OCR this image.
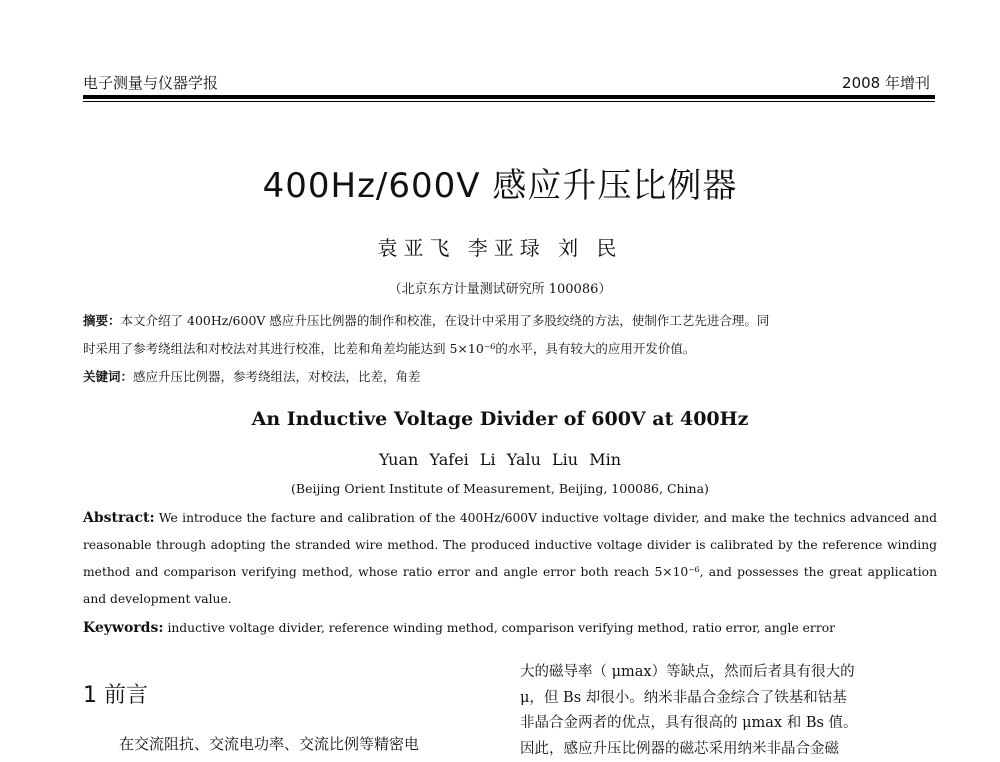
电子测量与仪器学报	2008 年增刊
400Hz/600V 感应升压比例器
袁亚飞 李亚琭 刘 民
（北京东方计量测试研究所 100086）
摘要：本文介绍了 400Hz/600V 感应升压比例器的制作和校准，在设计中采用了多股绞绕的方法，使制作工艺先进合理。同
时采用了参考绕组法和对校法对其进行校准，比差和角差均能达到 5×10⁻⁶的水平，具有较大的应用开发价值。
关键词：感应升压比例器，参考绕组法，对校法，比差，角差
An Inductive Voltage Divider of 600V at 400Hz
Yuan Yafei Li Yalu Liu Min
(Beijing Orient Institute of Measurement, Beijing, 100086, China)
Abstract: We introduce the facture and calibration of the 400Hz/600V inductive voltage divider, and make the technics advanced and reasonable through adopting the stranded wire method. The produced inductive voltage divider is calibrated by the reference winding method and comparison verifying method, whose ratio error and angle error both reach 5×10⁻⁶, and possesses the great application and development value.
Keywords: inductive voltage divider, reference winding method, comparison verifying method, ratio error, angle error
1 前言
在交流阻抗、交流电功率、交流比例等精密电
大的磁导率（ μmax）等缺点，然而后者具有很大的
μ，但 Bs 却很小。纳米非晶合金综合了铁基和钴基
非晶合金两者的优点，具有很高的 μmax 和 Bs 值。
因此，感应升压比例器的磁芯采用纳米非晶合金磁
